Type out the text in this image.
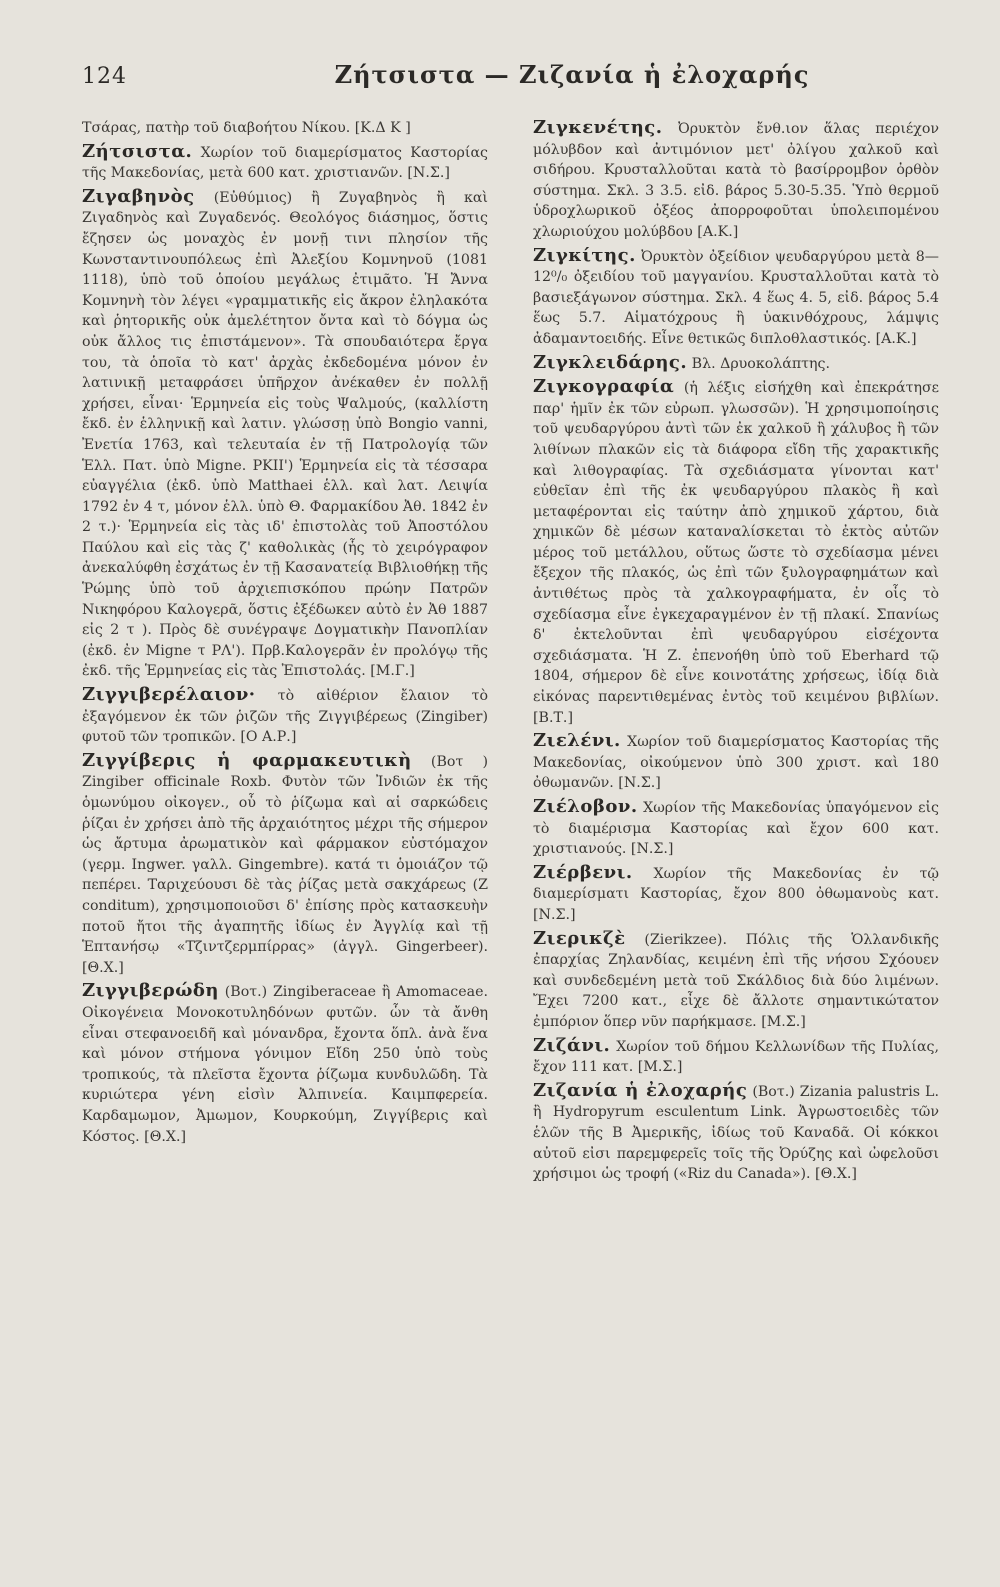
124	Ζήτσιστα — Ζιζανία ἡ ἐλοχαρής

Τσάρας, πατὴρ τοῦ διαβοήτου Νίκου. [Κ.Δ Κ ]

Ζήτσιστα. Χωρίον τοῦ διαμερίσματος Καστορίας τῆς Μακεδονίας, μετὰ 600 κατ. χριστιανῶν. [Ν.Σ.]

Ζιγαβηνὸς (Εὐθύμιος) ἢ Ζυγαβηνὸς ἢ καὶ Ζιγαδηνὸς καὶ Ζυγαδενός. Θεολόγος διάσημος, ὅστις ἔζησεν ὡς μοναχὸς ἐν μονῇ τινι πλησίον τῆς Κωνσταντινουπόλεως ἐπὶ Ἀλεξίου Κομνηνοῦ (1081 1118), ὑπὸ τοῦ ὁποίου μεγάλως ἐτιμᾶτο. Ἡ Ἄννα Κομνηνὴ τὸν λέγει «γραμματικῆς εἰς ἄκρον ἐληλακότα καὶ ῥητορικῆς οὐκ ἀμελέτητον ὄντα καὶ τὸ δόγμα ὡς οὐκ ἄλλος τις ἐπιστάμενον». Τὰ σπουδαιότερα ἔργα του, τὰ ὁποῖα τὸ κατ' ἀρχὰς ἐκδεδομένα μόνον ἐν λατινικῇ μεταφράσει ὑπῆρχον ἀνέκαθεν ἐν πολλῇ χρήσει, εἶναι· Ἑρμηνεία εἰς τοὺς Ψαλμούς, (καλλίστη ἔκδ. ἐν ἑλληνικῇ καὶ λατιν. γλώσσῃ ὑπὸ Bongio vanni, Ἐνετία 1763, καὶ τελευταία ἐν τῇ Πατρολογίᾳ τῶν Ἑλλ. Πατ. ὑπὸ Migne. PKII') Ἑρμηνεία εἰς τὰ τέσσαρα εὐαγγέλια (ἐκδ. ὑπὸ Matthaei ἑλλ. καὶ λατ. Λειψία 1792 ἐν 4 τ, μόνον ἑλλ. ὑπὸ Θ. Φαρμακίδου Ἀθ. 1842 ἐν 2 τ.)· Ἑρμηνεία εἰς τὰς ιδ' ἐπιστολὰς τοῦ Ἀποστόλου Παύλου καὶ εἰς τὰς ζ' καθολικὰς (ἧς τὸ χειρόγραφον ἀνεκαλύφθη ἐσχάτως ἐν τῇ Κασανατείᾳ Βιβλιοθήκῃ τῆς Ῥώμης ὑπὸ τοῦ ἀρχιεπισκόπου πρώην Πατρῶν Νικηφόρου Καλογερᾶ, ὅστις ἐξέδωκεν αὐτὸ ἐν Ἀθ 1887 εἰς 2 τ ). Πρὸς δὲ συνέγραψε Δογματικὴν Πανοπλίαν (ἐκδ. ἐν Migne τ ΡΛ'). Πρβ.Καλογερᾶν ἐν προλόγῳ τῆς ἐκδ. τῆς Ἑρμηνείας εἰς τὰς Ἐπιστολάς. [Μ.Γ.]

Ζιγγιβερέλαιον· τὸ αἰθέριον ἔλαιον τὸ ἐξαγόμενον ἐκ τῶν ῥιζῶν τῆς Ζιγγιβέρεως (Zingiber) φυτοῦ τῶν τροπικῶν. [Ο Α.Ρ.]

Ζιγγίβερις ἡ φαρμακευτικὴ (Βοτ ) Zingiber officinale Roxb. Φυτὸν τῶν Ἰνδιῶν ἐκ τῆς ὁμωνύμου οἰκογεν., οὗ τὸ ῥίζωμα καὶ αἱ σαρκώδεις ῥίζαι ἐν χρήσει ἀπὸ τῆς ἀρχαιότητος μέχρι τῆς σήμερον ὡς ἄρτυμα ἀρωματικὸν καὶ φάρμακον εὐστόμαχον (γερμ. Ingwer. γαλλ. Gingembre). κατά τι ὁμοιάζον τῷ πεπέρει. Ταριχεύουσι δὲ τὰς ῥίζας μετὰ σακχάρεως (Z conditum), χρησιμοποιοῦσι δ' ἐπίσης πρὸς κατασκευὴν ποτοῦ ἤτοι τῆς ἀγαπητῆς ἰδίως ἐν Ἀγγλίᾳ καὶ τῇ Ἑπτανήσῳ «Τζιντζερμπίρρας» (ἀγγλ. Gingerbeer). [Θ.Χ.]

Ζιγγιβερώδη (Βοτ.) Zingiberaceae ἢ Amomaceae. Οἰκογένεια Μονοκοτυληδόνων φυτῶν. ὧν τὰ ἄνθη εἶναι στεφανοειδῆ καὶ μόνανδρα, ἔχοντα ὅπλ. ἀνὰ ἕνα καὶ μόνον στήμονα γόνιμον Εἴδη 250 ὑπὸ τοὺς τροπικούς, τὰ πλεῖστα ἔχοντα ῥίζωμα κυνδυλῶδη. Τὰ κυριώτερα γένη εἰσὶν Ἀλπινεία. Καιμπφερεία. Καρδαμωμον, Ἀμωμον, Κουρκούμη, Ζιγγίβερις καὶ Κόστος. [Θ.Χ.]

Ζιγκενέτης. Ὀρυκτὸν ἔνθ.ιον ἅλας περιέχον μόλυβδον καὶ ἀντιμόνιον μετ' ὀλίγου χαλκοῦ καὶ σιδήρου. Κρυσταλλοῦται κατὰ τὸ βασίρρομβον ὀρθὸν σύστημα. Σκλ. 3 3.5. εἰδ. βάρος 5.30-5.35. Ὑπὸ θερμοῦ ὑδροχλωρικοῦ ὀξέος ἀπορροφοῦται ὑπολειπομένου χλωριούχου μολύβδου [Α.Κ.]

Ζιγκίτης. Ὀρυκτὸν ὀξείδιον ψευδαργύρου μετὰ 8—12⁰/₀ ὀξειδίου τοῦ μαγγανίου. Κρυσταλλοῦται κατὰ τὸ βασιεξάγωνον σύστημα. Σκλ. 4 ἕως 4. 5, εἰδ. βάρος 5.4 ἕως 5.7. Αἱματόχρους ἢ ὑακινθόχρους, λάμψις ἀδαμαντοειδής. Εἶνε θετικῶς διπλοθλαστικός. [Α.Κ.]

Ζιγκλειδάρης. Βλ. Δρυοκολάπτης.

Ζιγκογραφία (ἡ λέξις εἰσήχθη καὶ ἐπεκράτησε παρ' ἡμῖν ἐκ τῶν εὐρωπ. γλωσσῶν). Ἡ χρησιμοποίησις τοῦ ψευδαργύρου ἀντὶ τῶν ἐκ χαλκοῦ ἢ χάλυβος ἢ τῶν λιθίνων πλακῶν εἰς τὰ διάφορα εἴδη τῆς χαρακτικῆς καὶ λιθογραφίας. Τὰ σχεδιάσματα γίνονται κατ' εὐθεῖαν ἐπὶ τῆς ἐκ ψευδαργύρου πλακὸς ἢ καὶ μεταφέρονται εἰς ταύτην ἀπὸ χημικοῦ χάρτου, διὰ χημικῶν δὲ μέσων καταναλίσκεται τὸ ἐκτὸς αὐτῶν μέρος τοῦ μετάλλου, οὕτως ὥστε τὸ σχεδίασμα μένει ἔξεχον τῆς πλακός, ὡς ἐπὶ τῶν ξυλογραφημάτων καὶ ἀντιθέτως πρὸς τὰ χαλκογραφήματα, ἐν οἷς τὸ σχεδίασμα εἶνε ἐγκεχαραγμένον ἐν τῇ πλακί. Σπανίως δ' ἐκτελοῦνται ἐπὶ ψευδαργύρου εἰσέχοντα σχεδιάσματα. Ἡ Ζ. ἐπενοήθη ὑπὸ τοῦ Eberhard τῷ 1804, σήμερον δὲ εἶνε κοινοτάτης χρήσεως, ἰδίᾳ διὰ εἰκόνας παρεντιθεμένας ἐντὸς τοῦ κειμένου βιβλίων. [Β.Τ.]

Ζιελένι. Χωρίον τοῦ διαμερίσματος Καστορίας τῆς Μακεδονίας, οἰκούμενον ὑπὸ 300 χριστ. καὶ 180 ὀθωμανῶν. [Ν.Σ.]

Ζιέλοβον. Χωρίον τῆς Μακεδονίας ὑπαγόμενον εἰς τὸ διαμέρισμα Καστορίας καὶ ἔχον 600 κατ. χριστιανούς. [Ν.Σ.]

Ζιέρβενι. Χωρίον τῆς Μακεδονίας ἐν τῷ διαμερίσματι Καστορίας, ἔχον 800 ὀθωμανοὺς κατ. [Ν.Σ.]

Ζιερικζὲ (Zierikzee). Πόλις τῆς Ὁλλανδικῆς ἐπαρχίας Ζηλανδίας, κειμένη ἐπὶ τῆς νήσου Σχόουεν καὶ συνδεδεμένη μετὰ τοῦ Σκάλδιος διὰ δύο λιμένων. Ἔχει 7200 κατ., εἶχε δὲ ἄλλοτε σημαντικώτατον ἐμπόριον ὅπερ νῦν παρήκμασε. [Μ.Σ.]

Ζιζάνι. Χωρίον τοῦ δήμου Κελλωνίδων τῆς Πυλίας, ἔχον 111 κατ. [Μ.Σ.]

Ζιζανία ἡ ἐλοχαρής (Βοτ.) Zizania palustris L. ἢ Hydropyrum esculentum Link. Ἀγρωστοειδὲς τῶν ἑλῶν τῆς Β Ἀμερικῆς, ἰδίως τοῦ Καναδᾶ. Οἱ κόκκοι αὐτοῦ εἰσι παρεμφερεῖς τοῖς τῆς Ὀρύζης καὶ ὠφελοῦσι χρήσιμοι ὡς τροφή («Riz du Canada»). [Θ.Χ.]
